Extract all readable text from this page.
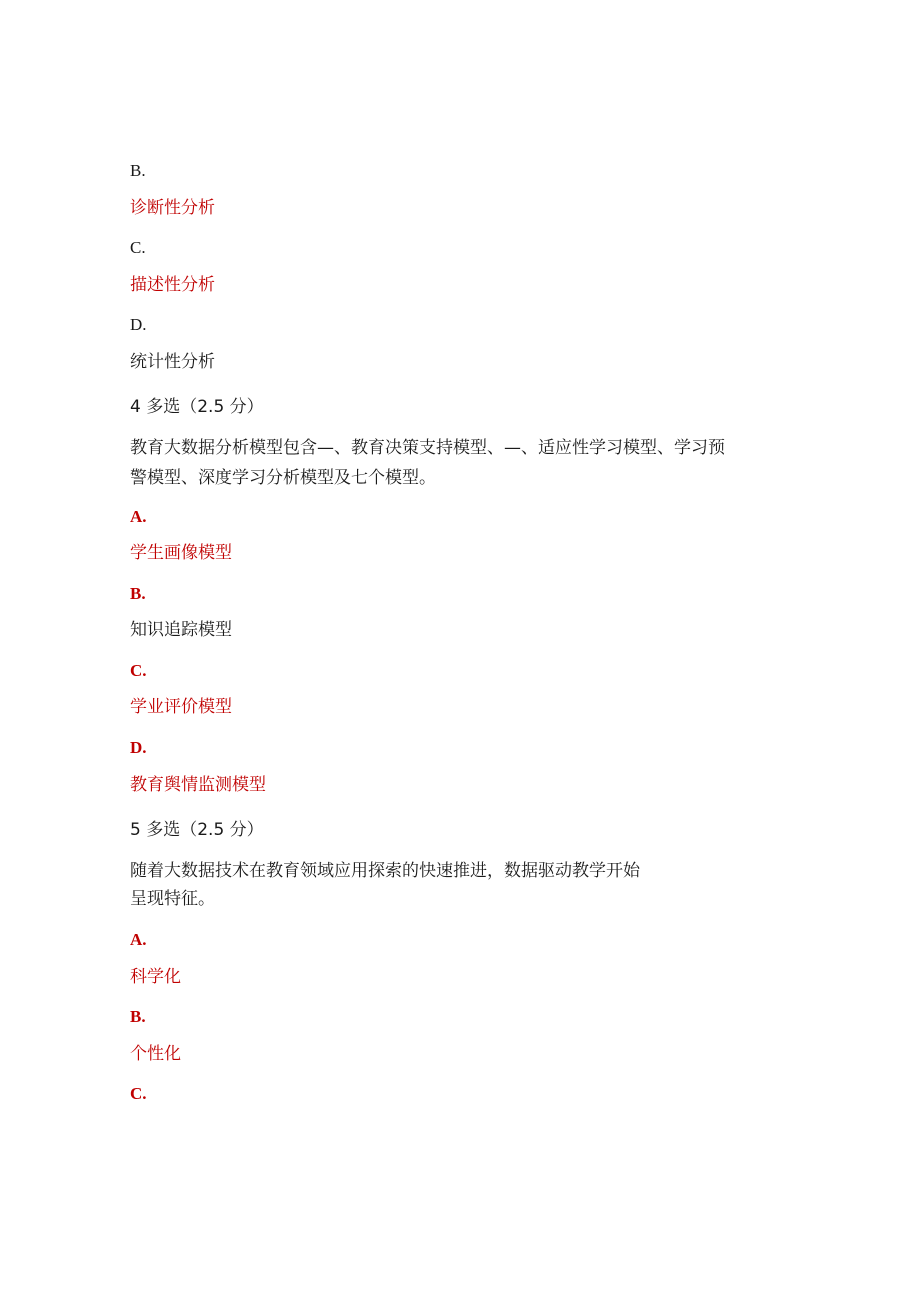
B.
诊断性分析
C.
描述性分析
D.
统计性分析
4 多选（2.5 分）
教育大数据分析模型包含—、教育决策支持模型、—、适应性学习模型、学习预
警模型、深度学习分析模型及七个模型。
A.
学生画像模型
B.
知识追踪模型
C.
学业评价模型
D.
教育舆情监测模型
5 多选（2.5 分）
随着大数据技术在教育领域应用探索的快速推进，数据驱动教学开始
呈现特征。
A.
科学化
B.
个性化
C.
